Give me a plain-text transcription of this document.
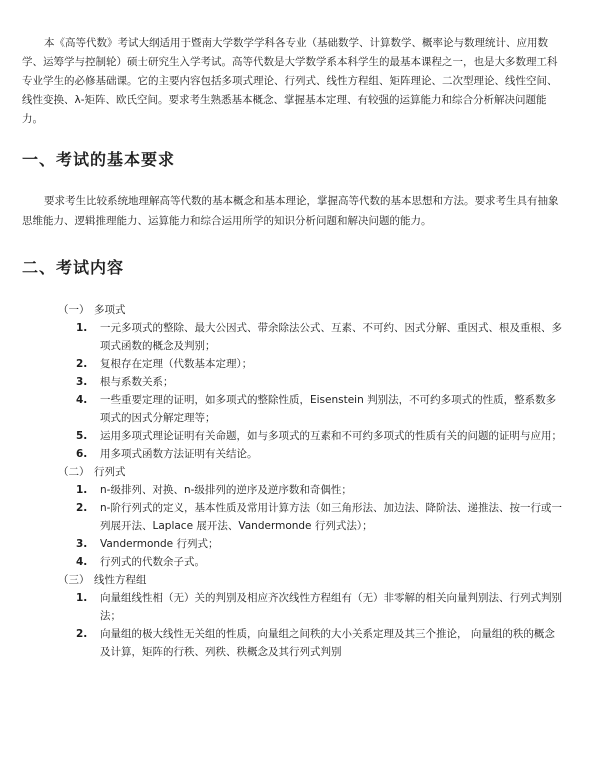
本《高等代数》考试大纲适用于暨南大学数学学科各专业（基础数学、计算数学、概率论与数理统计、应用数学、运筹学与控制轮）硕士研究生入学考试。高等代数是大学数学系本科学生的最基本课程之一，也是大多数理工科专业学生的必修基础课。它的主要内容包括多项式理论、行列式、线性方程组、矩阵理论、二次型理论、线性空间、线性变换、λ-矩阵、欧氏空间。要求考生熟悉基本概念、掌握基本定理、有较强的运算能力和综合分析解决问题能力。

一、考试的基本要求

要求考生比较系统地理解高等代数的基本概念和基本理论，掌握高等代数的基本思想和方法。要求考生具有抽象思维能力、逻辑推理能力、运算能力和综合运用所学的知识分析问题和解决问题的能力。

二、考试内容

（一） 多项式

1. 一元多项式的整除、最大公因式、带余除法公式、互素、不可约、因式分解、重因式、根及重根、多项式函数的概念及判别；
2. 复根存在定理（代数基本定理）；
3. 根与系数关系；
4. 一些重要定理的证明，如多项式的整除性质，Eisenstein 判别法，不可约多项式的性质，整系数多项式的因式分解定理等；
5. 运用多项式理论证明有关命题，如与多项式的互素和不可约多项式的性质有关的问题的证明与应用；
6. 用多项式函数方法证明有关结论。

（二） 行列式

1. n-级排列、对换、n-级排列的逆序及逆序数和奇偶性；
2. n-阶行列式的定义，基本性质及常用计算方法（如三角形法、加边法、降阶法、递推法、按一行或一列展开法、Laplace 展开法、Vandermonde 行列式法）；
3. Vandermonde 行列式；
4. 行列式的代数余子式。

（三） 线性方程组

1. 向量组线性相（无）关的判别及相应齐次线性方程组有（无）非零解的相关向量判别法、行列式判别法；
2. 向量组的极大线性无关组的性质，向量组之间秩的大小关系定理及其三个推论， 向量组的秩的概念及计算，矩阵的行秩、列秩、秩概念及其行列式判别
